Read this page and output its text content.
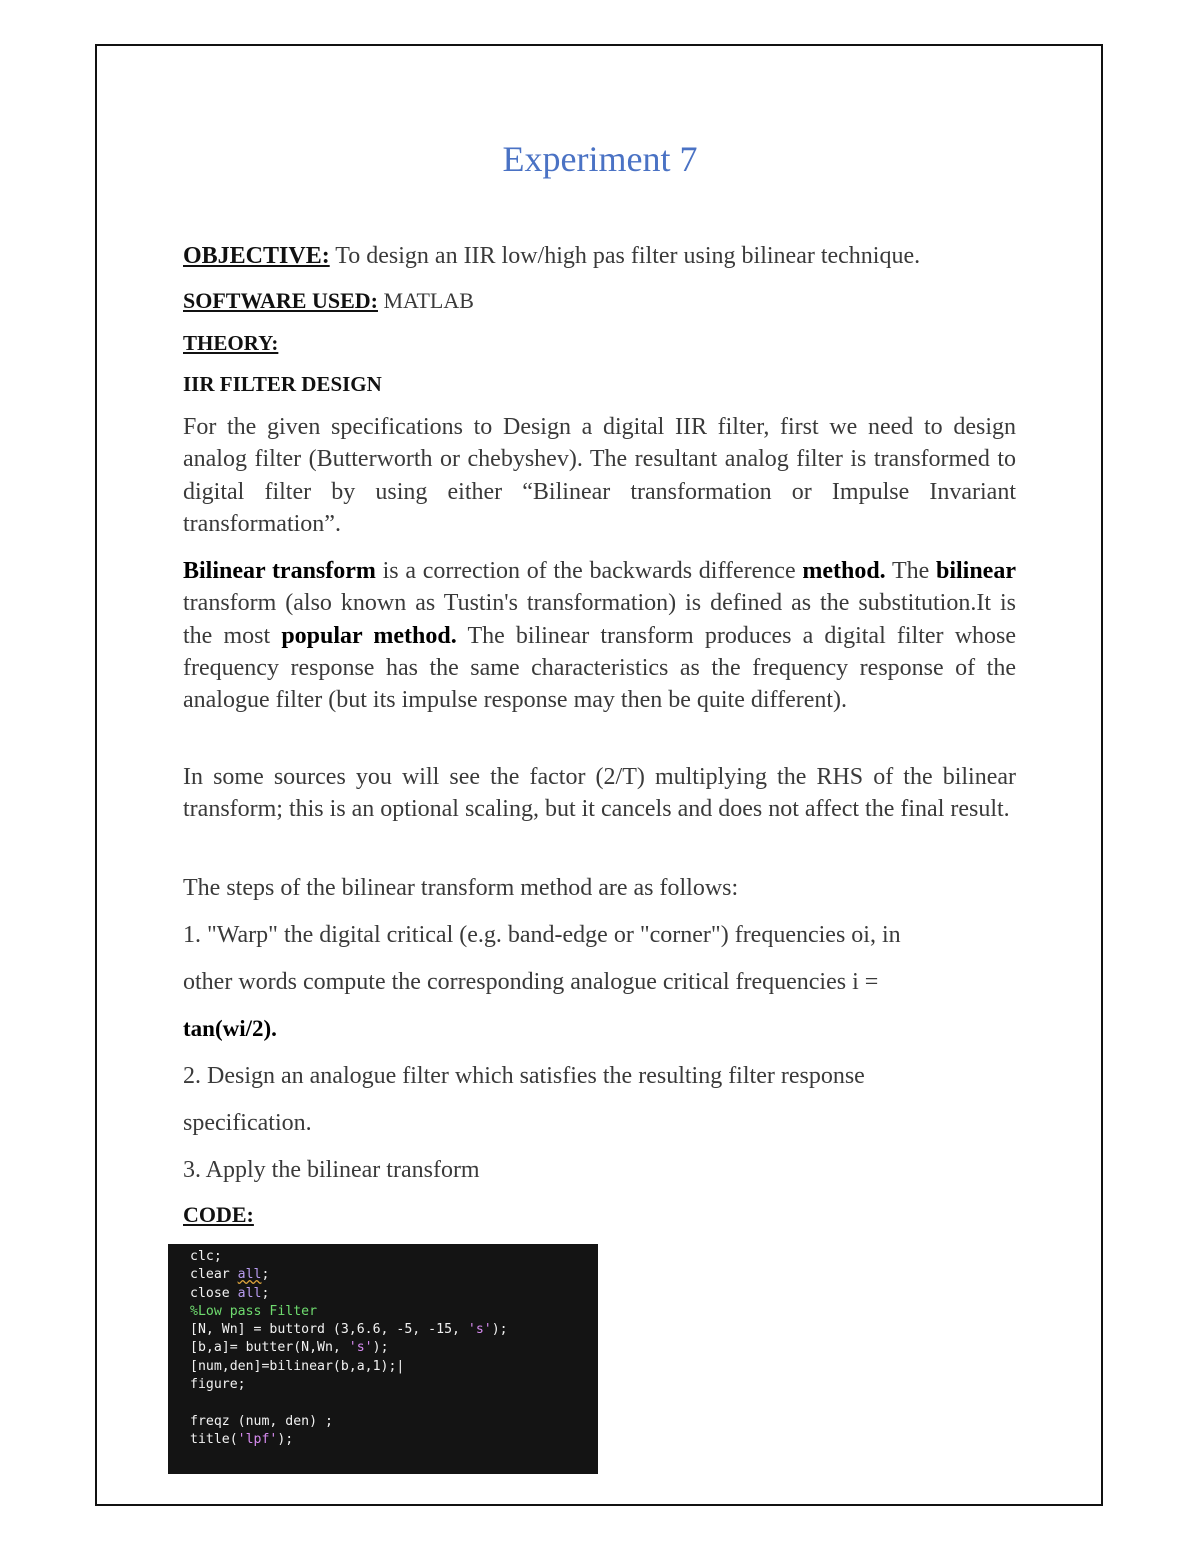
Experiment 7
OBJECTIVE: To design an IIR low/high pas filter using bilinear technique.
SOFTWARE USED: MATLAB
THEORY:
IIR FILTER DESIGN
For the given specifications to Design a digital IIR filter, first we need to design analog filter (Butterworth or chebyshev). The resultant analog filter is transformed to digital filter by using either “Bilinear transformation or Impulse Invariant transformation”.
Bilinear transform is a correction of the backwards difference method. The bilinear transform (also known as Tustin's transformation) is defined as the substitution.It is the most popular method. The bilinear transform produces a digital filter whose frequency response has the same characteristics as the frequency response of the analogue filter (but its impulse response may then be quite different).
In some sources you will see the factor (2/T) multiplying the RHS of the bilinear transform; this is an optional scaling, but it cancels and does not affect the final result.
The steps of the bilinear transform method are as follows:
1. "Warp" the digital critical (e.g. band-edge or "corner") frequencies oi, in
other words compute the corresponding analogue critical frequencies i =
tan(wi/2).
2. Design an analogue filter which satisfies the resulting filter response
specification.
3. Apply the bilinear transform
CODE:
clc;
clear all;
close all;
%Low pass Filter
[N, Wn] = buttord (3,6.6, -5, -15, 's');
[b,a]= butter(N,Wn, 's');
[num,den]=bilinear(b,a,1);|
figure;
freqz (num, den) ;
title('lpf');
